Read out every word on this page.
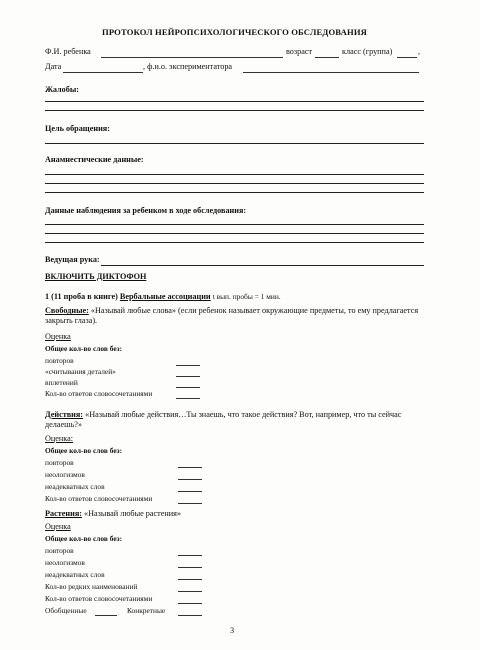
ПРОТОКОЛ НЕЙРОПСИХОЛОГИЧЕСКОГО ОБСЛЕДОВАНИЯ
Ф.И. ребенка	возраст	класс (группа)	,
Дата	, ф.и.о. экспериментатора
Жалобы:
Цель обращения:
Анамнестические данные:
Данные наблюдения за ребенком в ходе обследования:
Ведущая рука:
ВКЛЮЧИТЬ ДИКТОФОН
1 (11 проба в книге) Вербальные ассоциации t вып. пробы = 1 мин.
Свободные: «Называй любые слова» (если ребенок называет окружающие предметы, то ему предлагается закрыть глаза).
Оценка
Общее кол-во слов без:
повторов
«считывания деталей»
вплетений
Кол-во ответов словосочетаниями
Действия: «Называй любые действия…Ты знаешь, что такое действия? Вот, например, что ты сейчас делаешь?»
Оценка:
Общее кол-во слов без:
повторов
неологизмов
неадекватных слов
Кол-во ответов словосочетаниями
Растения: «Называй любые растения»
Оценка
Общее кол-во слов без:
повторов
неологизмов
неадекватных слов
Кол-во редких наименований
Кол-во ответов словосочетаниями
Обобщенные	Конкретные
3
